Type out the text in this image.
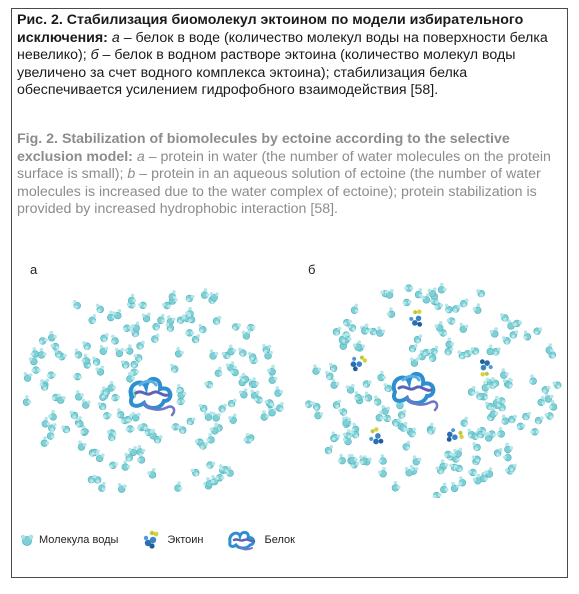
Рис. 2. Стабилизация биомолекул эктоином по модели избирательного исключения: а – белок в воде (количество молекул воды на поверхности белка невелико); б – белок в водном растворе эктоина (количество молекул воды увеличено за счет водного комплекса эктоина); стабилизация белка обеспечивается усилением гидрофобного взаимодействия [58].

Fig. 2. Stabilization of biomolecules by ectoine according to the selective exclusion model: a – protein in water (the number of water molecules on the protein surface is small); b – protein in an aqueous solution of ectoine (the number of water molecules is increased due to the water complex of ectoine); protein stabilization is provided by increased hydrophobic interaction [58].

а	б
Молекула воды	Эктоин	Белок
